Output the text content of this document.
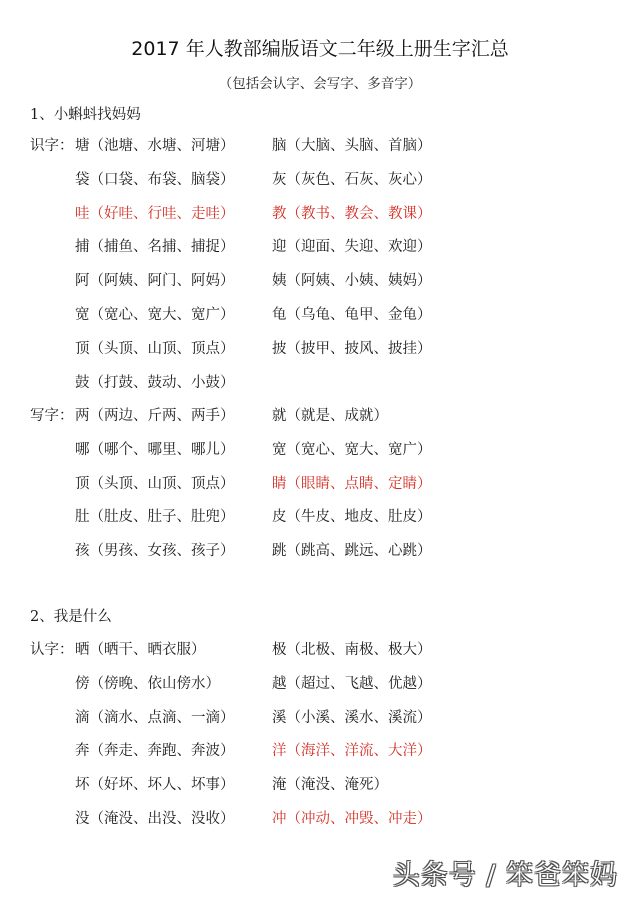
2017 年人教部编版语文二年级上册生字汇总
（包括会认字、会写字、多音字）
1、小蝌蚪找妈妈
识字： 塘（池塘、水塘、河塘）	脑（大脑、头脑、首脑）
袋（口袋、布袋、脑袋）	灰（灰色、石灰、灰心）
哇（好哇、行哇、走哇）	教（教书、教会、教课）
捕（捕鱼、名捕、捕捉）	迎（迎面、失迎、欢迎）
阿（阿姨、阿门、阿妈）	姨（阿姨、小姨、姨妈）
宽（宽心、宽大、宽广）	龟（乌龟、龟甲、金龟）
顶（头顶、山顶、顶点）	披（披甲、披风、披挂）
鼓（打鼓、鼓动、小鼓）
写字： 两（两边、斤两、两手）	就（就是、成就）
哪（哪个、哪里、哪儿）	宽（宽心、宽大、宽广）
顶（头顶、山顶、顶点）	睛（眼睛、点睛、定睛）
肚（肚皮、肚子、肚兜）	皮（牛皮、地皮、肚皮）
孩（男孩、女孩、孩子）	跳（跳高、跳远、心跳）
2、我是什么
认字： 晒（晒干、晒衣服）	极（北极、南极、极大）
傍（傍晚、依山傍水）	越（超过、飞越、优越）
滴（滴水、点滴、一滴）	溪（小溪、溪水、溪流）
奔（奔走、奔跑、奔波）	洋（海洋、洋流、大洋）
坏（好坏、坏人、坏事）	淹（淹没、淹死）
没（淹没、出没、没收）	冲（冲动、冲毁、冲走）
头条号 / 笨爸笨妈
